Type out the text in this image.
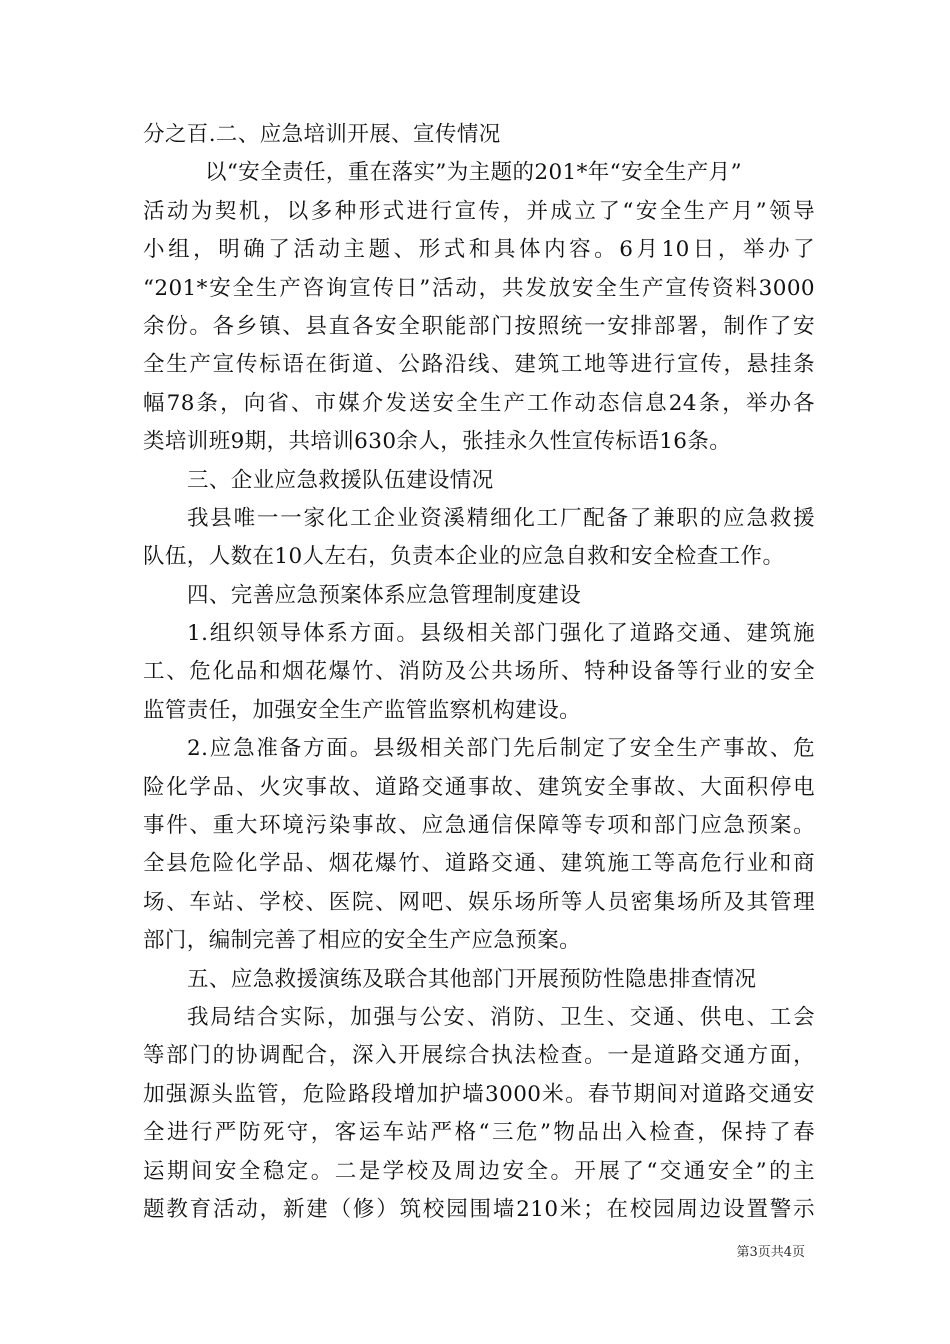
分之百.二、应急培训开展、宣传情况
以“安全责任，重在落实”为主题的201*年“安全生产月”
活动为契机，以多种形式进行宣传，并成立了“安全生产月”领导
小组，明确了活动主题、形式和具体内容。6月10日，举办了
“201*安全生产咨询宣传日”活动，共发放安全生产宣传资料3000
余份。各乡镇、县直各安全职能部门按照统一安排部署，制作了安
全生产宣传标语在街道、公路沿线、建筑工地等进行宣传，悬挂条
幅78条，向省、市媒介发送安全生产工作动态信息24条，举办各
类培训班9期，共培训630余人，张挂永久性宣传标语16条。
三、企业应急救援队伍建设情况
我县唯一一家化工企业资溪精细化工厂配备了兼职的应急救援
队伍，人数在10人左右，负责本企业的应急自救和安全检查工作。
四、完善应急预案体系应急管理制度建设
1.组织领导体系方面。县级相关部门强化了道路交通、建筑施
工、危化品和烟花爆竹、消防及公共场所、特种设备等行业的安全
监管责任，加强安全生产监管监察机构建设。
2.应急准备方面。县级相关部门先后制定了安全生产事故、危
险化学品、火灾事故、道路交通事故、建筑安全事故、大面积停电
事件、重大环境污染事故、应急通信保障等专项和部门应急预案。
全县危险化学品、烟花爆竹、道路交通、建筑施工等高危行业和商
场、车站、学校、医院、网吧、娱乐场所等人员密集场所及其管理
部门，编制完善了相应的安全生产应急预案。
五、应急救援演练及联合其他部门开展预防性隐患排查情况
我局结合实际，加强与公安、消防、卫生、交通、供电、工会
等部门的协调配合，深入开展综合执法检查。一是道路交通方面，
加强源头监管，危险路段增加护墙3000米。春节期间对道路交通安
全进行严防死守，客运车站严格“三危”物品出入检查，保持了春
运期间安全稳定。二是学校及周边安全。开展了“交通安全”的主
题教育活动，新建（修）筑校园围墙210米；在校园周边设置警示
第3页共4页
